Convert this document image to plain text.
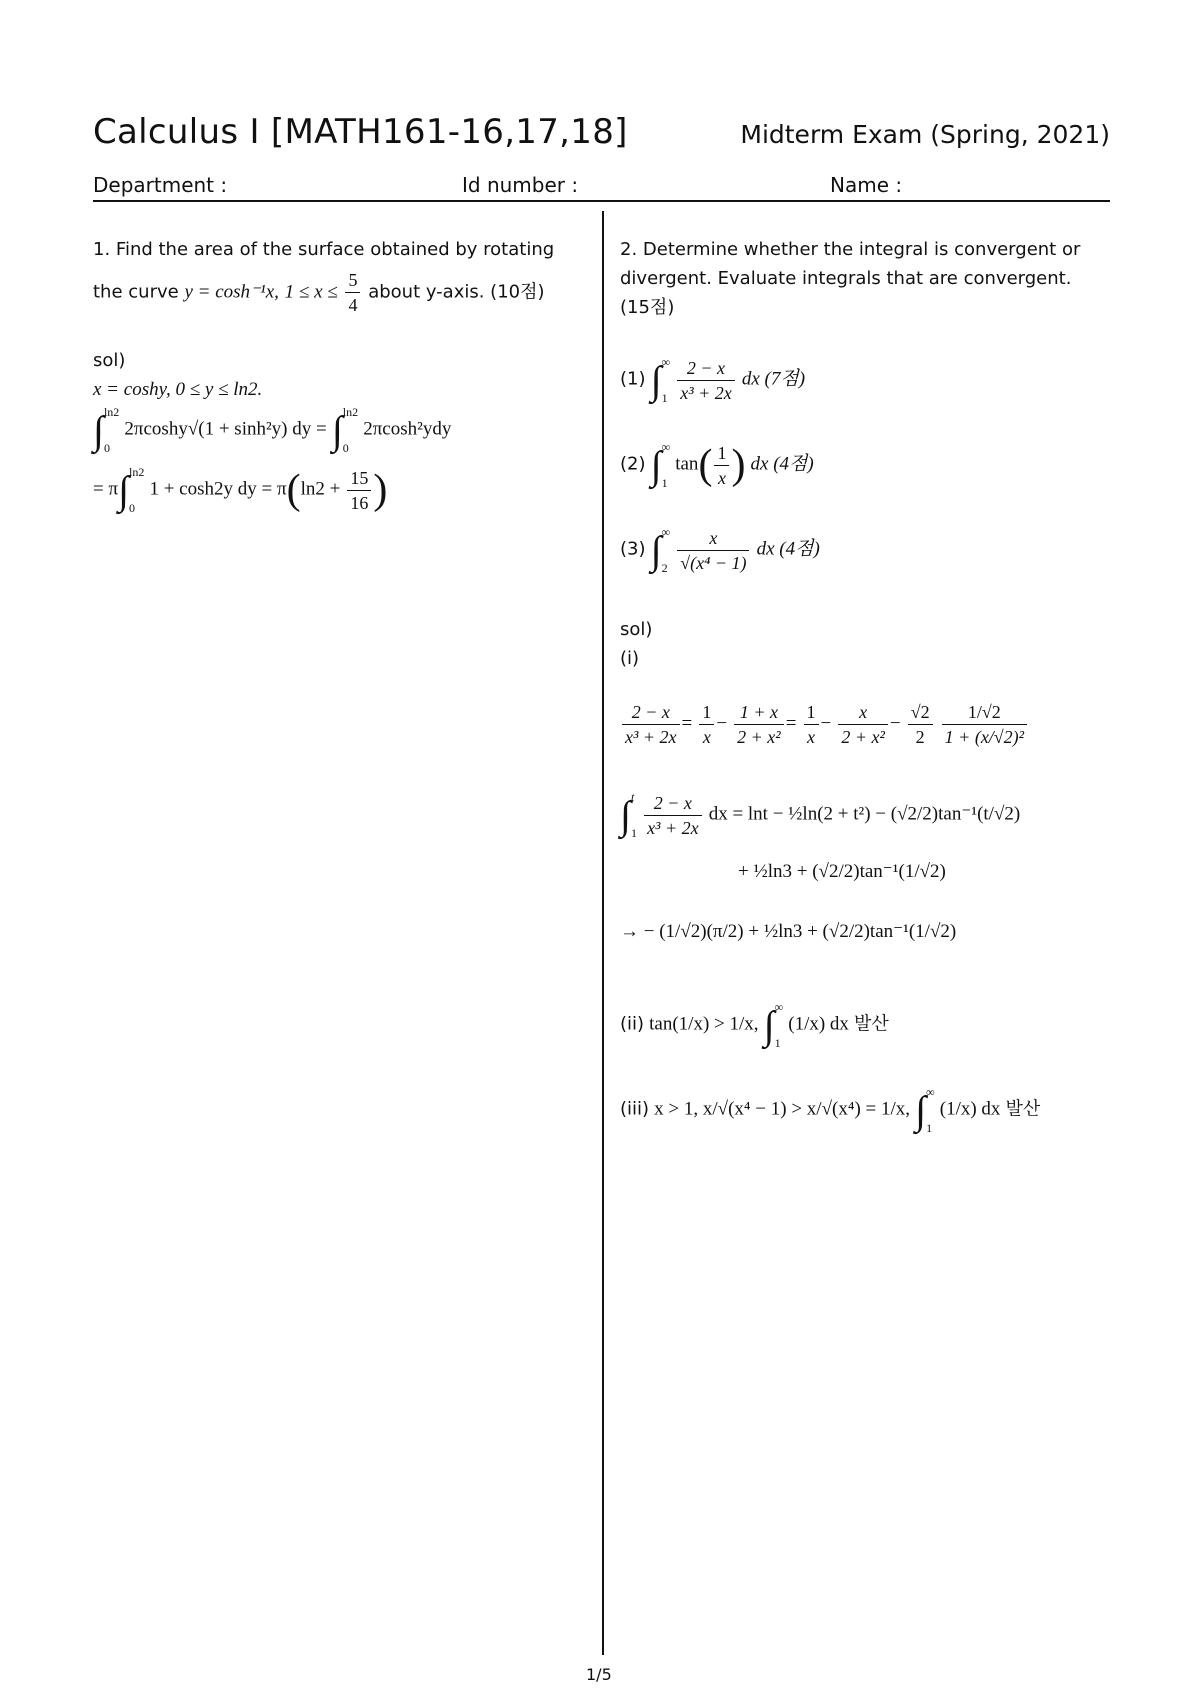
Calculus I [MATH161-16,17,18]	Midterm Exam (Spring, 2021)
Department :	Id number :	Name :
1. Find the area of the surface obtained by rotating
the curve y = cosh⁻¹x, $1 \le x \le \frac{5}{4}$ about y-axis. (10점)
sol)
x = coshy, 0 ≤ y ≤ ln2.
∫ ln2
0
2πcoshy√(1 + sinh²y) dy = ∫ ln2
0
2πcosh²ydy
= π∫ ln2
0
1 + cosh2y dy = $\pi(\ln 2 + \frac{15}{16}$ )
2. Determine whether the integral is convergent or
divergent. Evaluate integrals that are convergent.
(15점)
(1) ∫ ∞
1
$\frac{2 - x}{\text{x³ + 2x}}$ dx (7점)
(2) ∫ ∞
1
$\tan( \frac{1}{x}$ ) dx (4점)
(3) ∫ ∞
2
$\frac{x}{\text{√(x⁴ − 1)}}$ dx (4점)
sol)
(i)
$\frac{2 - x}{\text{x³ + 2x}} = \frac{1}{x} - \frac{1 + x}{\text{2 + x²}} = \frac{1}{x} - \frac{x}{\text{2 + x²}} - \frac{√2}{2}$
$\frac{1/√2}{\text{1 + (x/√2)²}}$
∫ t
1
$\frac{2 - x}{\text{x³ + 2x}}$ dx = lnt − ½ln(2 + t²) − (√2/2)tan⁻¹(t/√2)
+ ½ln3 + (√2/2)tan⁻¹(1/√2)
→ − (1/√2)(π/2) + ½ln3 + (√2/2)tan⁻¹(1/√2)
(ii) tan(1/x) > 1/x, ∫ ∞
1
(1/x) dx 발산
(iii) x > 1, x/√(x⁴ − 1) > x/√(x⁴) = 1/x, ∫ ∞
1
(1/x) dx 발산
1/5
